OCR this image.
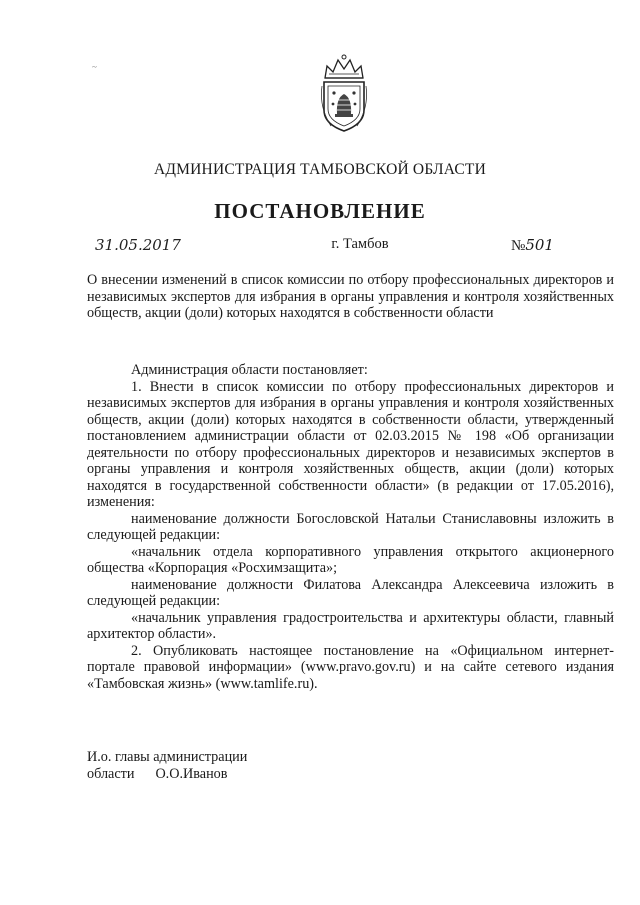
~
АДМИНИСТРАЦИЯ ТАМБОВСКОЙ ОБЛАСТИ
ПОСТАНОВЛЕНИЕ
31.05.2017	г. Тамбов	№501
О внесении изменений в список комиссии по отбору профессиональных директоров и независимых экспертов для избрания в органы управления и контроля хозяйственных обществ, акции (доли) которых находятся в собственности области

Администрация области постановляет:

1. Внести в список комиссии по отбору профессиональных директоров и независимых экспертов для избрания в органы управления и контроля хозяйственных обществ, акции (доли) которых находятся в собственности области, утвержденный постановлением администрации области от 02.03.2015 № 198 «Об организации деятельности по отбору профессиональных директоров и независимых экспертов в органы управления и контроля хозяйственных обществ, акции (доли) которых находятся в государственной собственности области» (в редакции от 17.05.2016), изменения:

наименование должности Богословской Натальи Станиславовны изложить в следующей редакции:

«начальник отдела корпоративного управления открытого акционерного общества «Корпорация «Росхимзащита»;

наименование должности Филатова Александра Алексеевича изложить в следующей редакции:

«начальник управления градостроительства и архитектуры области, главный архитектор области».

2. Опубликовать настоящее постановление на «Официальном интернет-портале правовой информации» (www.pravo.gov.ru) и на сайте сетевого издания «Тамбовская жизнь» (www.tamlife.ru).

И.о. главы администрации
области О.О.Иванов
